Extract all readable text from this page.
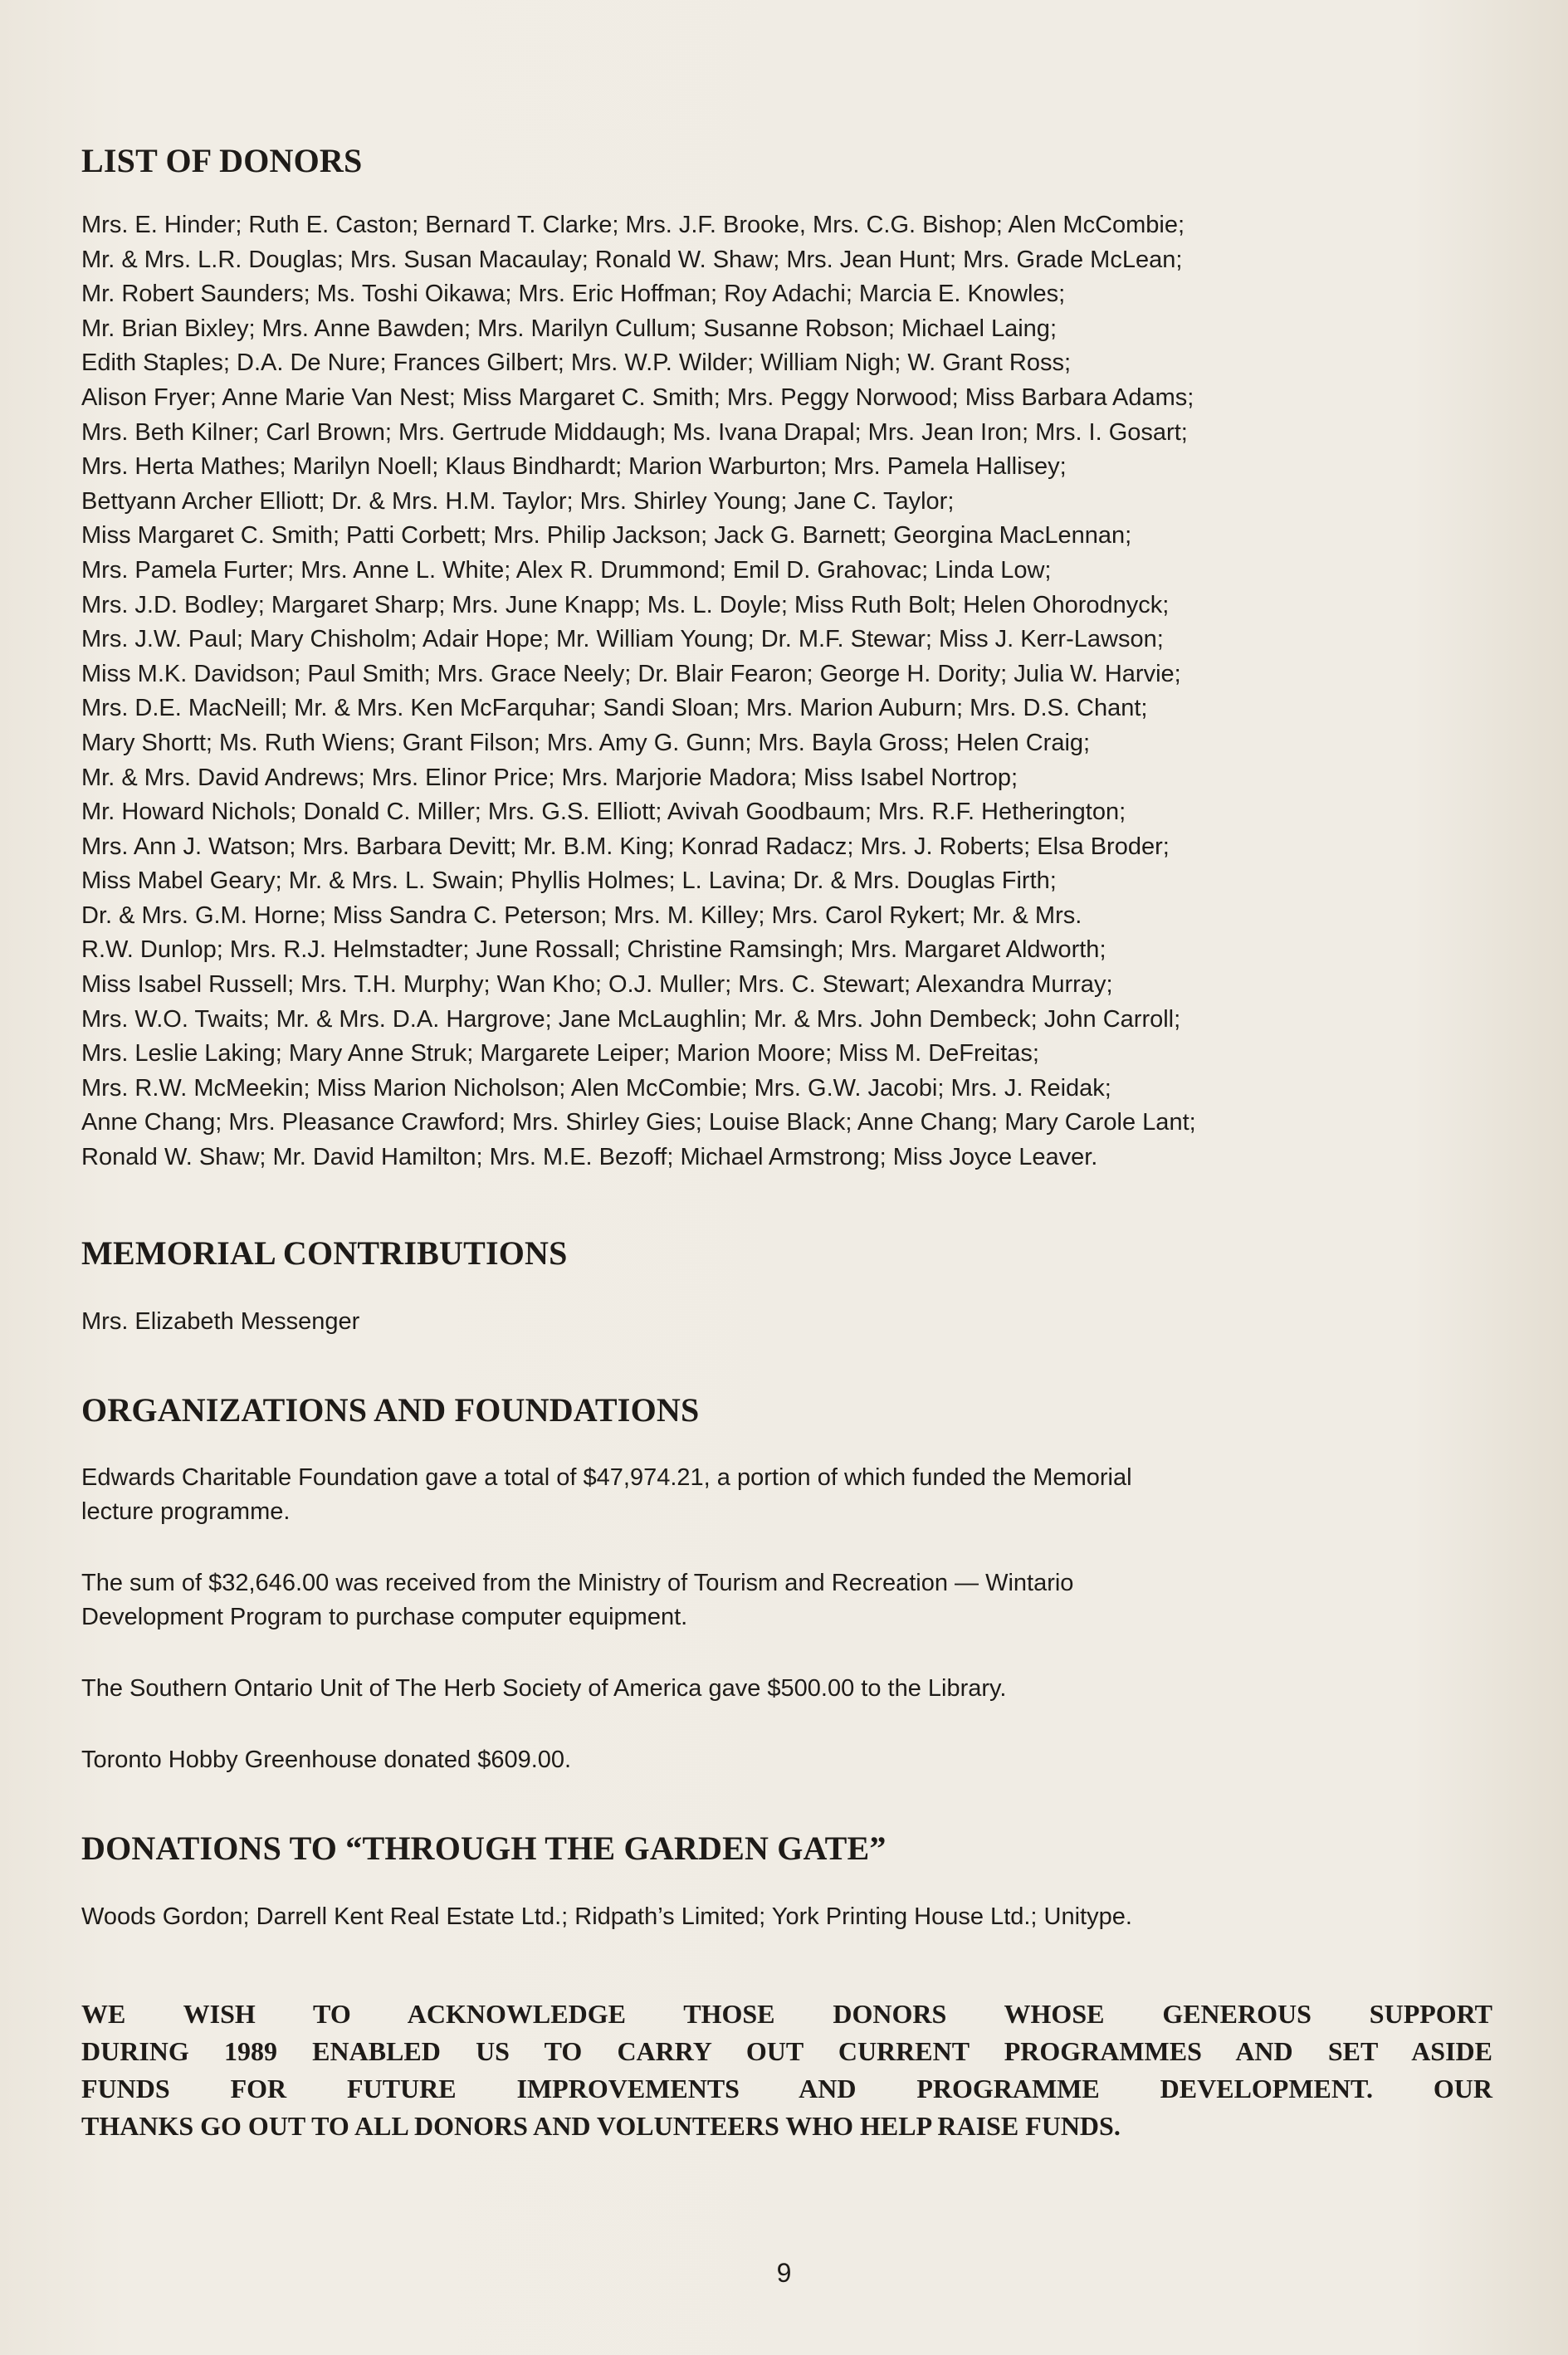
LIST OF DONORS
Mrs. E. Hinder; Ruth E. Caston; Bernard T. Clarke; Mrs. J.F. Brooke, Mrs. C.G. Bishop; Alen McCombie;
Mr. & Mrs. L.R. Douglas; Mrs. Susan Macaulay; Ronald W. Shaw; Mrs. Jean Hunt; Mrs. Grade McLean;
Mr. Robert Saunders; Ms. Toshi Oikawa; Mrs. Eric Hoffman; Roy Adachi; Marcia E. Knowles;
Mr. Brian Bixley; Mrs. Anne Bawden; Mrs. Marilyn Cullum; Susanne Robson; Michael Laing;
Edith Staples; D.A. De Nure; Frances Gilbert; Mrs. W.P. Wilder; William Nigh; W. Grant Ross;
Alison Fryer; Anne Marie Van Nest; Miss Margaret C. Smith; Mrs. Peggy Norwood; Miss Barbara Adams;
Mrs. Beth Kilner; Carl Brown; Mrs. Gertrude Middaugh; Ms. Ivana Drapal; Mrs. Jean Iron; Mrs. I. Gosart;
Mrs. Herta Mathes; Marilyn Noell; Klaus Bindhardt; Marion Warburton; Mrs. Pamela Hallisey;
Bettyann Archer Elliott; Dr. & Mrs. H.M. Taylor; Mrs. Shirley Young; Jane C. Taylor;
Miss Margaret C. Smith; Patti Corbett; Mrs. Philip Jackson; Jack G. Barnett; Georgina MacLennan;
Mrs. Pamela Furter; Mrs. Anne L. White; Alex R. Drummond; Emil D. Grahovac; Linda Low;
Mrs. J.D. Bodley; Margaret Sharp; Mrs. June Knapp; Ms. L. Doyle; Miss Ruth Bolt; Helen Ohorodnyck;
Mrs. J.W. Paul; Mary Chisholm; Adair Hope; Mr. William Young; Dr. M.F. Stewar; Miss J. Kerr-Lawson;
Miss M.K. Davidson; Paul Smith; Mrs. Grace Neely; Dr. Blair Fearon; George H. Dority; Julia W. Harvie;
Mrs. D.E. MacNeill; Mr. & Mrs. Ken McFarquhar; Sandi Sloan; Mrs. Marion Auburn; Mrs. D.S. Chant;
Mary Shortt; Ms. Ruth Wiens; Grant Filson; Mrs. Amy G. Gunn; Mrs. Bayla Gross; Helen Craig;
Mr. & Mrs. David Andrews; Mrs. Elinor Price; Mrs. Marjorie Madora; Miss Isabel Nortrop;
Mr. Howard Nichols; Donald C. Miller; Mrs. G.S. Elliott; Avivah Goodbaum; Mrs. R.F. Hetherington;
Mrs. Ann J. Watson; Mrs. Barbara Devitt; Mr. B.M. King; Konrad Radacz; Mrs. J. Roberts; Elsa Broder;
Miss Mabel Geary; Mr. & Mrs. L. Swain; Phyllis Holmes; L. Lavina; Dr. & Mrs. Douglas Firth;
Dr. & Mrs. G.M. Horne; Miss Sandra C. Peterson; Mrs. M. Killey; Mrs. Carol Rykert; Mr. & Mrs.
R.W. Dunlop; Mrs. R.J. Helmstadter; June Rossall; Christine Ramsingh; Mrs. Margaret Aldworth;
Miss Isabel Russell; Mrs. T.H. Murphy; Wan Kho; O.J. Muller; Mrs. C. Stewart; Alexandra Murray;
Mrs. W.O. Twaits; Mr. & Mrs. D.A. Hargrove; Jane McLaughlin; Mr. & Mrs. John Dembeck; John Carroll;
Mrs. Leslie Laking; Mary Anne Struk; Margarete Leiper; Marion Moore; Miss M. DeFreitas;
Mrs. R.W. McMeekin; Miss Marion Nicholson; Alen McCombie; Mrs. G.W. Jacobi; Mrs. J. Reidak;
Anne Chang; Mrs. Pleasance Crawford; Mrs. Shirley Gies; Louise Black; Anne Chang; Mary Carole Lant;
Ronald W. Shaw; Mr. David Hamilton; Mrs. M.E. Bezoff; Michael Armstrong; Miss Joyce Leaver.
MEMORIAL CONTRIBUTIONS

Mrs. Elizabeth Messenger

ORGANIZATIONS AND FOUNDATIONS

Edwards Charitable Foundation gave a total of $47,974.21, a portion of which funded the Memorial
lecture programme.

The sum of $32,646.00 was received from the Ministry of Tourism and Recreation — Wintario
Development Program to purchase computer equipment.

The Southern Ontario Unit of The Herb Society of America gave $500.00 to the Library.

Toronto Hobby Greenhouse donated $609.00.

DONATIONS TO “THROUGH THE GARDEN GATE”

Woods Gordon; Darrell Kent Real Estate Ltd.; Ridpath’s Limited; York Printing House Ltd.; Unitype.

WE WISH TO ACKNOWLEDGE THOSE DONORS WHOSE GENEROUS SUPPORT
DURING 1989 ENABLED US TO CARRY OUT CURRENT PROGRAMMES AND SET ASIDE
FUNDS FOR FUTURE IMPROVEMENTS AND PROGRAMME DEVELOPMENT. OUR
THANKS GO OUT TO ALL DONORS AND VOLUNTEERS WHO HELP RAISE FUNDS.
9
